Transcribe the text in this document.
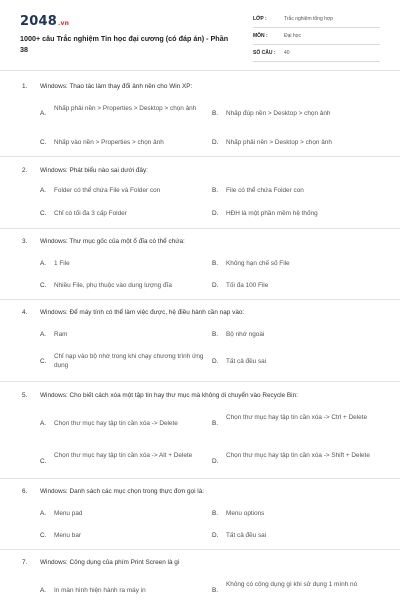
2048.vn
1000+ câu Trắc nghiệm Tin học đại cương (có đáp án) - Phần 38
LỚP :	Trắc nghiệm tổng hợp
MÔN :	Đại học
SỐ CÂU : 40
1. Windows: Thao tác làm thay đổi ảnh nền cho Win XP:
A.
Nhấp phải nền > Properties > Desktop > chọn ảnh
B. Nhấp đúp nền > Desktop > chọn ảnh
C. Nhấp vào nền > Properties > chọn ảnh	D. Nhấp phải nền > Desktop > chọn ảnh
2. Windows: Phát biểu nào sai dưới đây:
A. Folder có thể chứa File và Folder con	B. File có thể chứa Folder con
C. Chỉ có tối đa 3 cấp Folder	D. HĐH là một phần mềm hệ thống
3. Windows: Thư mục gốc của một ổ đĩa có thể chứa:
A. 1 File	B. Không hạn chế số File
C. Nhiều File, phụ thuộc vào dung lượng đĩa	D. Tối đa 100 File
4. Windows: Để máy tính có thể làm việc được, hệ điều hành cần nạp vào:
A. Ram	B. Bộ nhớ ngoài
C.
Chỉ nạp vào bộ nhớ trong khi chạy chương trình ứng dụng
D. Tất cả đều sai
5. Windows: Cho biết cách xóa một tập tin hay thư mục mà không di chuyển vào Recycle Bin:
A. Chọn thư mục hay tập tin cần xóa -> Delete	B.
Chọn thư mục hay tập tin cần xóa -> Ctrl + Delete
C.
Chọn thư mục hay tập tin cần xóa -> Alt + Delete
D.
Chọn thư mục hay tập tin cần xóa -> Shift + Delete
6. Windows: Danh sách các mục chọn trong thực đơn gọi là:
A. Menu pad	B. Menu options
C. Menu bar	D. Tất cả đều sai
7. Windows: Công dụng của phím Print Screen là gì
A. In màn hình hiện hành ra máy in	B.
Không có công dụng gì khi sử dụng 1 mình nó
